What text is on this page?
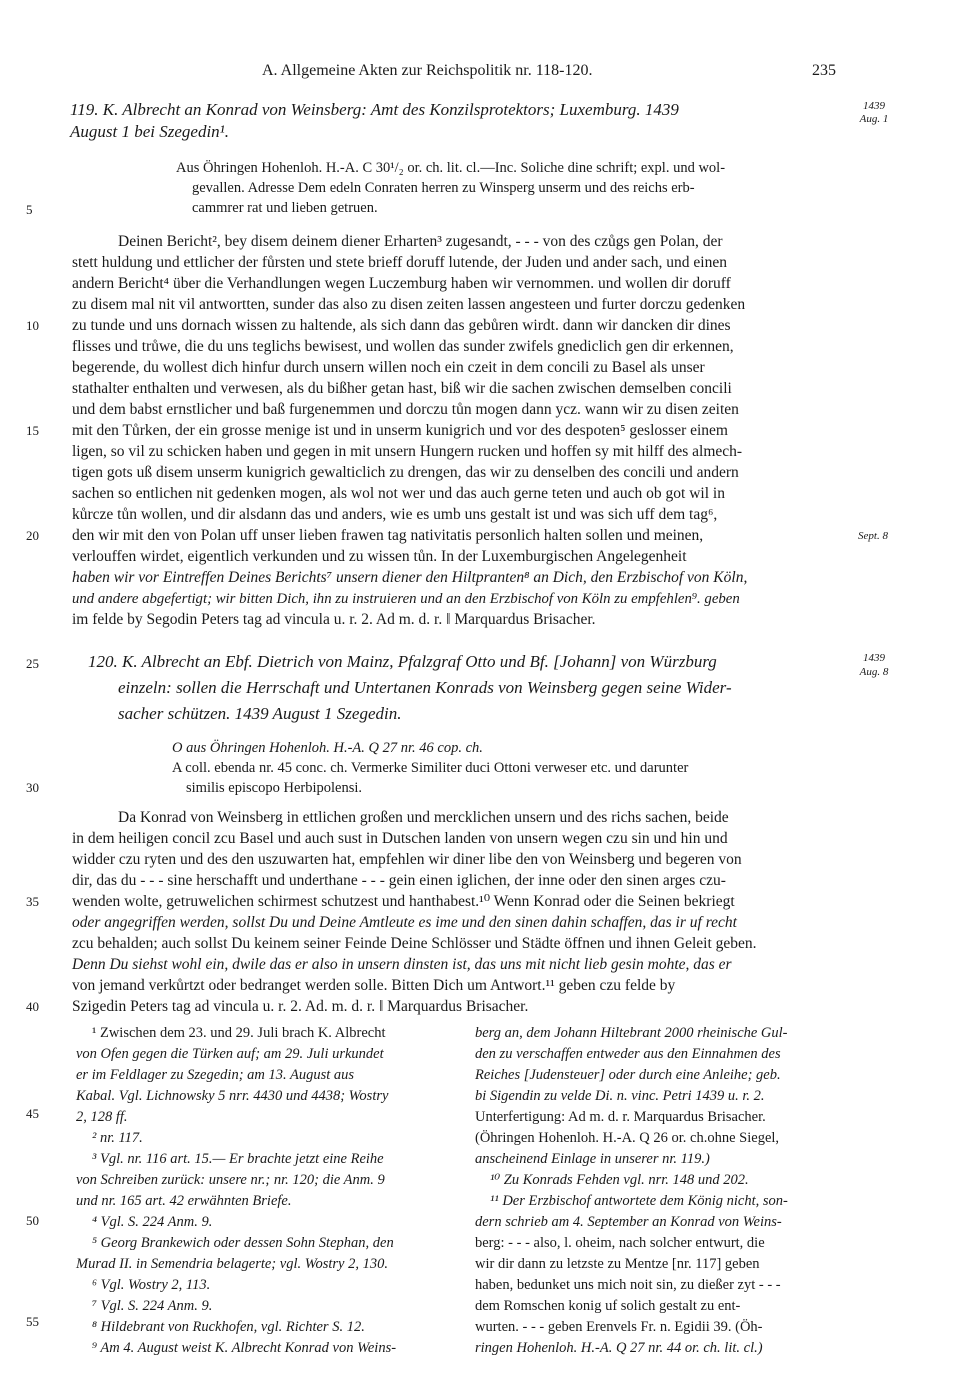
A. Allgemeine Akten zur Reichspolitik nr. 118-120.	235
119. K. Albrecht an Konrad von Weinsberg: Amt des Konzilsprotektors; Luxemburg. 1439
August 1 bei Szegedin¹.
1439
Aug. 1
Aus Öhringen Hohenloh. H.-A. C 30¹/₂ or. ch. lit. cl.—Inc. Soliche dine schrift; expl. und wol-
gevallen. Adresse Dem edeln Conraten herren zu Winsperg unserm und des reichs erb-
cammrer rat und lieben getruen.
Deinen Bericht², bey disem deinem diener Erharten³ zugesandt, - - - von des czůgs gen Polan, der
stett huldung und ettlicher der fůrsten und stete brieff doruff lutende, der Juden und ander sach, und einen
andern Bericht⁴ über die Verhandlungen wegen Luczemburg haben wir vernommen. und wollen dir doruff
zu disem mal nit vil antwortten, sunder das also zu disen zeiten lassen angesteen und furter dorczu gedenken
zu tunde und uns dornach wissen zu haltende, als sich dann das gebůren wirdt. dann wir dancken dir dines
flisses und trůwe, die du uns teglichs bewisest, und wollen das sunder zwifels gnediclich gen dir erkennen,
begerende, du wollest dich hinfur durch unsern willen noch ein czeit in dem concili zu Basel als unser
stathalter enthalten und verwesen, als du bißher getan hast, biß wir die sachen zwischen demselben concili
und dem babst ernstlicher und baß furgenemmen und dorczu tůn mogen dann ycz. wann wir zu disen zeiten
mit den Tůrken, der ein grosse menige ist und in unserm kunigrich und vor des despoten⁵ geslosser einem
ligen, so vil zu schicken haben und gegen in mit unsern Hungern rucken und hoffen sy mit hilff des almech-
tigen gots uß disem unserm kunigrich gewalticlich zu drengen, das wir zu denselben des concili und andern
sachen so entlichen nit gedenken mogen, als wol not wer und das auch gerne teten und auch ob got wil in
kůrcze tůn wollen, und dir alsdann das und anders, wie es umb uns gestalt ist und was sich uff dem tag⁶,
den wir mit den von Polan uff unser lieben frawen tag nativitatis personlich halten sollen und meinen,
verlouffen wirdet, eigentlich verkunden und zu wissen tůn. In der Luxemburgischen Angelegenheit
haben wir vor Eintreffen Deines Berichts⁷ unsern diener den Hiltpranten⁸ an Dich, den Erzbischof von Köln,
und andere abgefertigt; wir bitten Dich, ihn zu instruieren und an den Erzbischof von Köln zu empfehlen⁹. geben
im felde by Segodin Peters tag ad vincula u. r. 2. Ad m. d. r. ‖ Marquardus Brisacher.
Sept. 8
120. K. Albrecht an Ebf. Dietrich von Mainz, Pfalzgraf Otto und Bf. [Johann] von Würzburg
einzeln: sollen die Herrschaft und Untertanen Konrads von Weinsberg gegen seine Wider-
sacher schützen. 1439 August 1 Szegedin.
1439
Aug. 8
O aus Öhringen Hohenloh. H.-A. Q 27 nr. 46 cop. ch.
A coll. ebenda nr. 45 conc. ch. Vermerke Similiter duci Ottoni verweser etc. und darunter
similis episcopo Herbipolensi.
Da Konrad von Weinsberg in ettlichen großen und mercklichen unsern und des richs sachen, beide
in dem heiligen concil zcu Basel und auch sust in Dutschen landen von unsern wegen czu sin und hin und
widder czu ryten und des den uszuwarten hat, empfehlen wir diner libe den von Weinsberg und begeren von
dir, das du - - - sine herschafft und underthane - - - gein einen iglichen, der inne oder den sinen arges czu-
wenden wolte, getruwelichen schirmest schutzest und hanthabest.¹⁰ Wenn Konrad oder die Seinen bekriegt
oder angegriffen werden, sollst Du und Deine Amtleute es ime und den sinen dahin schaffen, das ir uf recht
zcu behalden; auch sollst Du keinem seiner Feinde Deine Schlösser und Städte öffnen und ihnen Geleit geben.
Denn Du siehst wohl ein, dwile das er also in unsern dinsten ist, das uns mit nicht lieb gesin mohte, das er
von jemand verkůrtzt oder bedranget werden solle. Bitten Dich um Antwort.¹¹ geben czu felde by
Szigedin Peters tag ad vincula u. r. 2. Ad. m. d. r. ‖ Marquardus Brisacher.
5
10
15
20
25
30
35
40
45
50
55
¹ Zwischen dem 23. und 29. Juli brach K. Albrecht
von Ofen gegen die Türken auf; am 29. Juli urkundet
er im Feldlager zu Szegedin; am 13. August aus
Kabal. Vgl. Lichnowsky 5 nrr. 4430 und 4438; Wostry
2, 128 ff.
² nr. 117.
³ Vgl. nr. 116 art. 15.— Er brachte jetzt eine Reihe
von Schreiben zurück: unsere nr.; nr. 120; die Anm. 9
und nr. 165 art. 42 erwähnten Briefe.
⁴ Vgl. S. 224 Anm. 9.
⁵ Georg Brankewich oder dessen Sohn Stephan, den
Murad II. in Semendria belagerte; vgl. Wostry 2, 130.
⁶ Vgl. Wostry 2, 113.
⁷ Vgl. S. 224 Anm. 9.
⁸ Hildebrant von Ruckhofen, vgl. Richter S. 12.
⁹ Am 4. August weist K. Albrecht Konrad von Weins-
berg an, dem Johann Hiltebrant 2000 rheinische Gul-
den zu verschaffen entweder aus den Einnahmen des
Reiches [Judensteuer] oder durch eine Anleihe; geb.
bi Sigendin zu velde Di. n. vinc. Petri 1439 u. r. 2.
Unterfertigung: Ad m. d. r. Marquardus Brisacher.
(Öhringen Hohenloh. H.-A. Q 26 or. ch.ohne Siegel,
anscheinend Einlage in unserer nr. 119.)
¹⁰ Zu Konrads Fehden vgl. nrr. 148 und 202.
¹¹ Der Erzbischof antwortete dem König nicht, son-
dern schrieb am 4. September an Konrad von Weins-
berg: - - - also, l. oheim, nach solcher entwurt, die
wir dir dann zu letzste zu Mentze [nr. 117] geben
haben, bedunket uns mich noit sin, zu dießer zyt - - -
dem Romschen konig uf solich gestalt zu ent-
wurten. - - - geben Erenvels Fr. n. Egidii 39. (Öh-
ringen Hohenloh. H.-A. Q 27 nr. 44 or. ch. lit. cl.)
